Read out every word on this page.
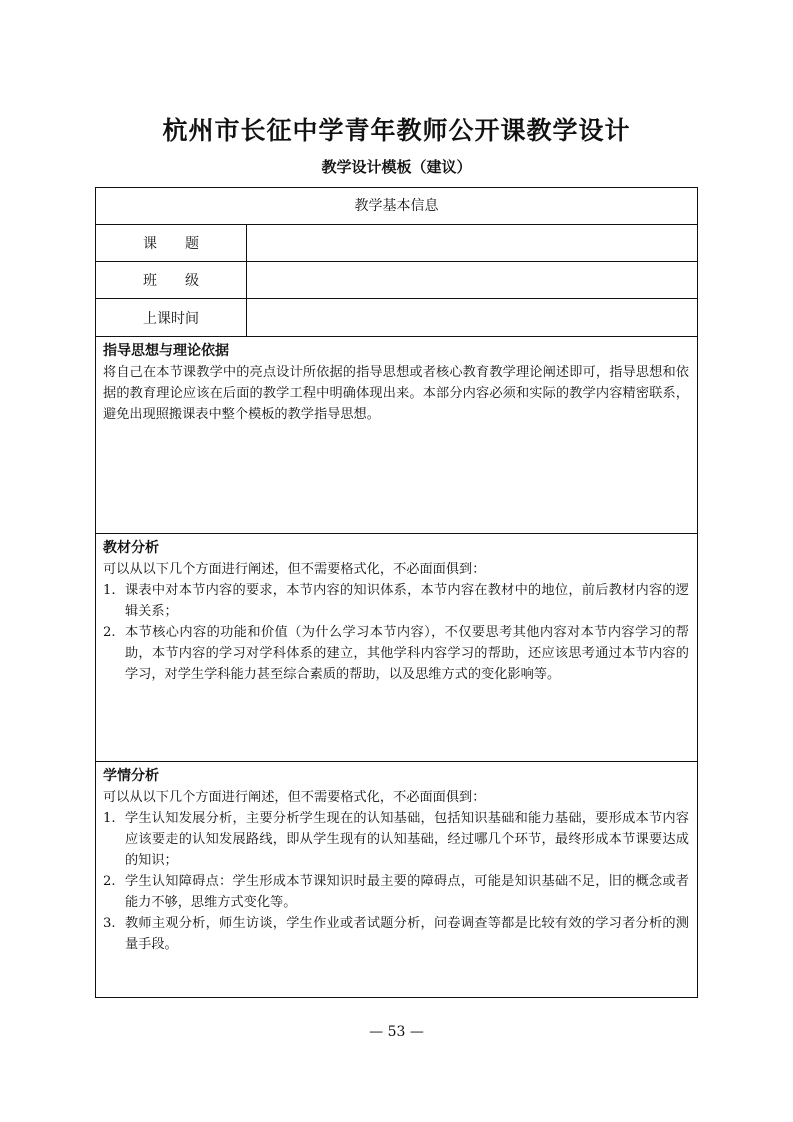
杭州市长征中学青年教师公开课教学设计
教学设计模板（建议）
教学基本信息
课　　题
班　　级
上课时间
指导思想与理论依据

将自己在本节课教学中的亮点设计所依据的指导思想或者核心教育教学理论阐述即可，指导思想和依据的教育理论应该在后面的教学工程中明确体现出来。本部分内容必须和实际的教学内容精密联系，避免出现照搬课表中整个模板的教学指导思想。

教材分析

可以从以下几个方面进行阐述，但不需要格式化，不必面面俱到：

1. 课表中对本节内容的要求，本节内容的知识体系，本节内容在教材中的地位，前后教材内容的逻辑关系；
2. 本节核心内容的功能和价值（为什么学习本节内容），不仅要思考其他内容对本节内容学习的帮助，本节内容的学习对学科体系的建立，其他学科内容学习的帮助，还应该思考通过本节内容的学习，对学生学科能力甚至综合素质的帮助，以及思维方式的变化影响等。
学情分析

可以从以下几个方面进行阐述，但不需要格式化，不必面面俱到：

1. 学生认知发展分析，主要分析学生现在的认知基础，包括知识基础和能力基础，要形成本节内容应该要走的认知发展路线，即从学生现有的认知基础，经过哪几个环节，最终形成本节课要达成的知识；
2. 学生认知障碍点：学生形成本节课知识时最主要的障碍点，可能是知识基础不足，旧的概念或者能力不够，思维方式变化等。
3. 教师主观分析，师生访谈，学生作业或者试题分析，问卷调查等都是比较有效的学习者分析的测量手段。
— 53 —
